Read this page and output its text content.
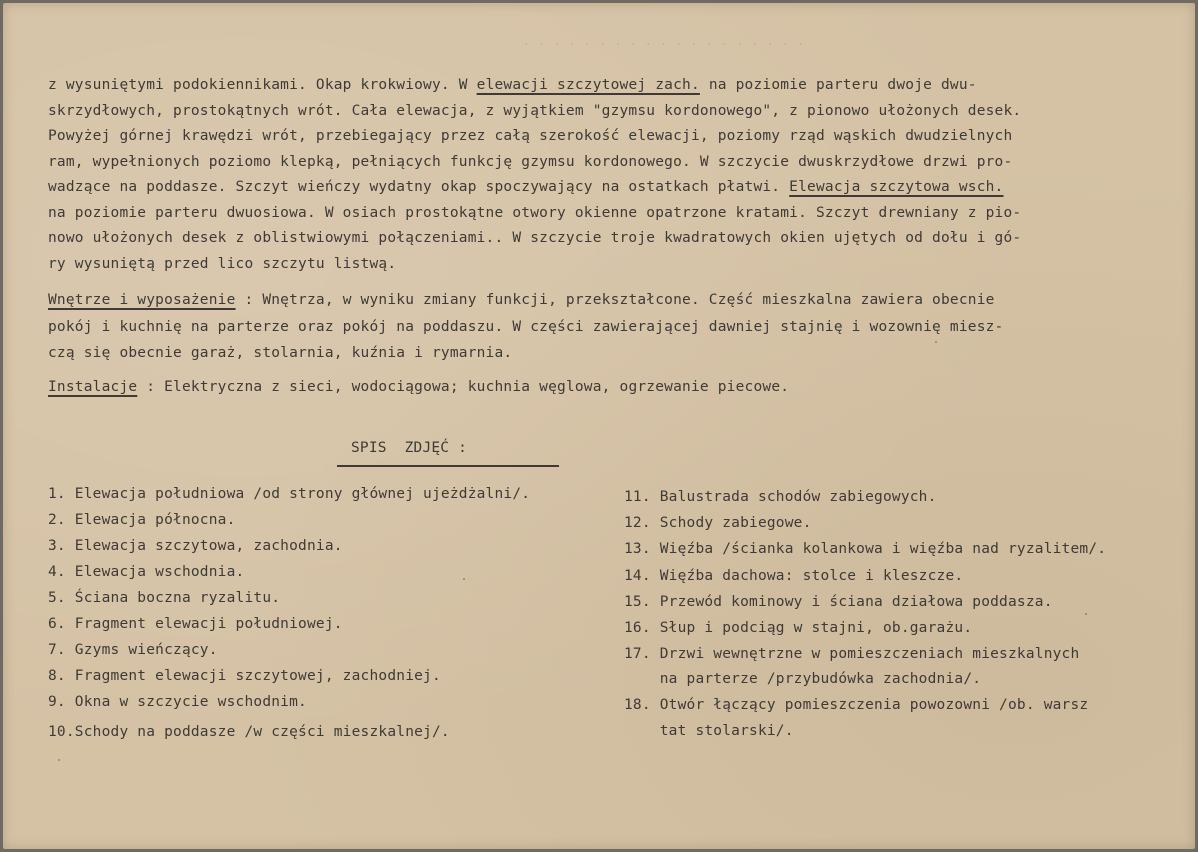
· · · · · · · · · · · · · · · · · · ·
z wysuniętymi podokiennikami. Okap krokwiowy. W elewacji szczytowej zach. na poziomie parteru dwoje dwu-
skrzydłowych, prostokątnych wrót. Cała elewacja, z wyjątkiem "gzymsu kordonowego", z pionowo ułożonych desek.
Powyżej górnej krawędzi wrót, przebiegający przez całą szerokość elewacji, poziomy rząd wąskich dwudzielnych
ram, wypełnionych poziomo klepką, pełniących funkcję gzymsu kordonowego. W szczycie dwuskrzydłowe drzwi pro-
wadzące na poddasze. Szczyt wieńczy wydatny okap spoczywający na ostatkach płatwi. Elewacja szczytowa wsch.
na poziomie parteru dwuosiowa. W osiach prostokątne otwory okienne opatrzone kratami. Szczyt drewniany z pio-
nowo ułożonych desek z oblistwiowymi połączeniami.. W szczycie troje kwadratowych okien ujętych od dołu i gó-
ry wysuniętą przed lico szczytu listwą.
Wnętrze i wyposażenie : Wnętrza, w wyniku zmiany funkcji, przekształcone. Część mieszkalna zawiera obecnie
pokój i kuchnię na parterze oraz pokój na poddaszu. W części zawierającej dawniej stajnię i wozownię miesz-
czą się obecnie garaż, stolarnia, kuźnia i rymarnia.
Instalacje : Elektryczna z sieci, wodociągowa; kuchnia węglowa, ogrzewanie piecowe.
SPIS  ZDJĘĆ :
1. Elewacja południowa /od strony głównej ujeżdżalni/.
2. Elewacja północna.
3. Elewacja szczytowa, zachodnia.
4. Elewacja wschodnia.
5. Ściana boczna ryzalitu.
6. Fragment elewacji południowej.
7. Gzyms wieńczący.
8. Fragment elewacji szczytowej, zachodniej.
9. Okna w szczycie wschodnim.
10.Schody na poddasze /w części mieszkalnej/.
11. Balustrada schodów zabiegowych.
12. Schody zabiegowe.
13. Więźba /ścianka kolankowa i więźba nad ryzalitem/.
14. Więźba dachowa: stolce i kleszcze.
15. Przewód kominowy i ściana działowa poddasza.
16. Słup i podciąg w stajni, ob.garażu.
17. Drzwi wewnętrzne w pomieszczeniach mieszkalnych
na parterze /przybudówka zachodnia/.
18. Otwór łączący pomieszczenia powozowni /ob. warsz
tat stolarski/.
